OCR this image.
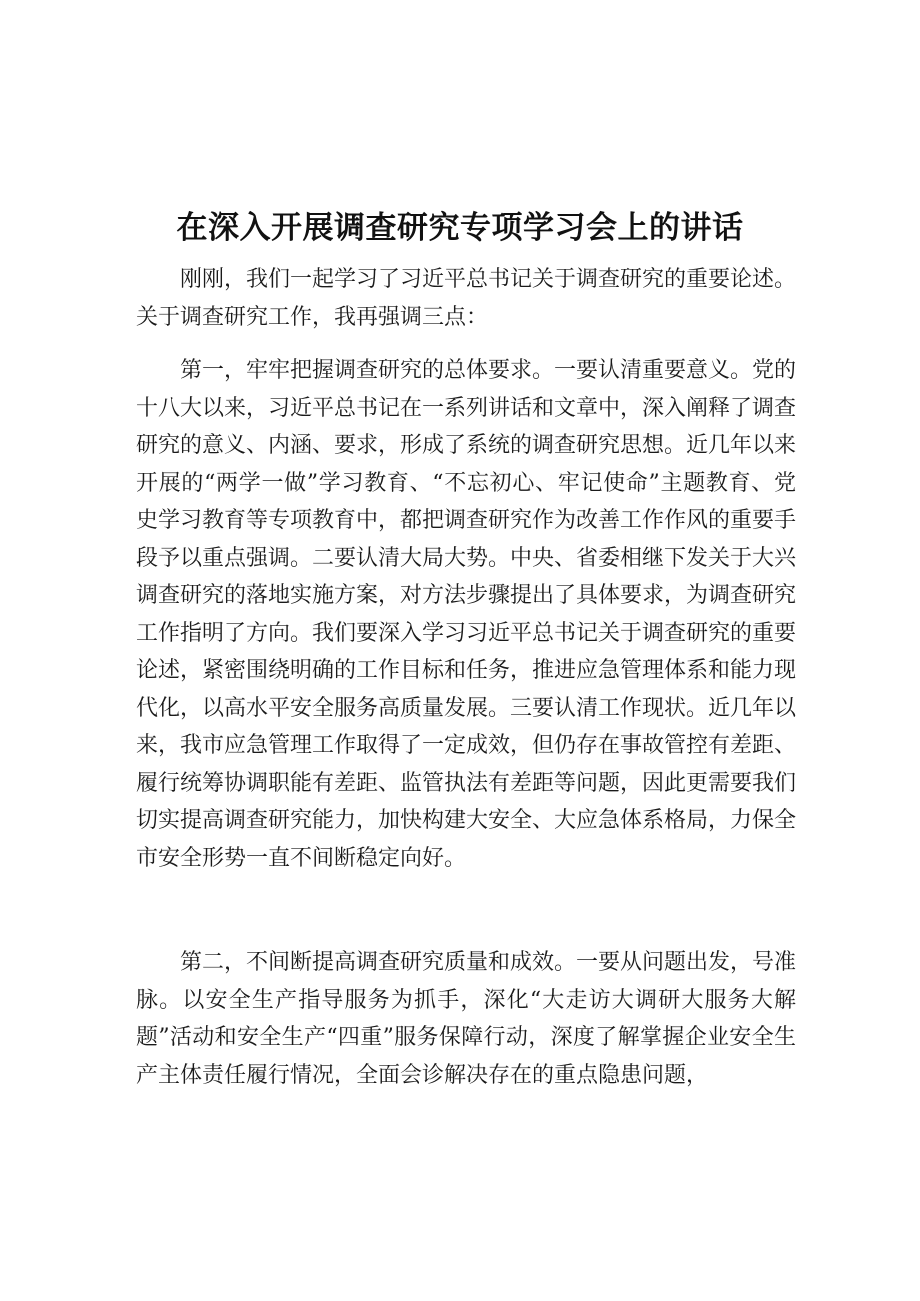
在深入开展调查研究专项学习会上的讲话

刚刚，我们一起学习了习近平总书记关于调查研究的重要论述。关于调查研究工作，我再强调三点：

第一，牢牢把握调查研究的总体要求。一要认清重要意义。党的十八大以来，习近平总书记在一系列讲话和文章中，深入阐释了调查研究的意义、内涵、要求，形成了系统的调查研究思想。近几年以来开展的“两学一做”学习教育、“不忘初心、牢记使命”主题教育、党史学习教育等专项教育中，都把调查研究作为改善工作作风的重要手段予以重点强调。二要认清大局大势。中央、省委相继下发关于大兴调查研究的落地实施方案，对方法步骤提出了具体要求，为调查研究工作指明了方向。我们要深入学习习近平总书记关于调查研究的重要论述，紧密围绕明确的工作目标和任务，推进应急管理体系和能力现代化，以高水平安全服务高质量发展。三要认清工作现状。近几年以来，我市应急管理工作取得了一定成效，但仍存在事故管控有差距、履行统筹协调职能有差距、监管执法有差距等问题，因此更需要我们切实提高调查研究能力，加快构建大安全、大应急体系格局，力保全市安全形势一直不间断稳定向好。

第二，不间断提高调查研究质量和成效。一要从问题出发，号准脉。以安全生产指导服务为抓手，深化“大走访大调研大服务大解题”活动和安全生产“四重”服务保障行动，深度了解掌握企业安全生产主体责任履行情况，全面会诊解决存在的重点隐患问题，
